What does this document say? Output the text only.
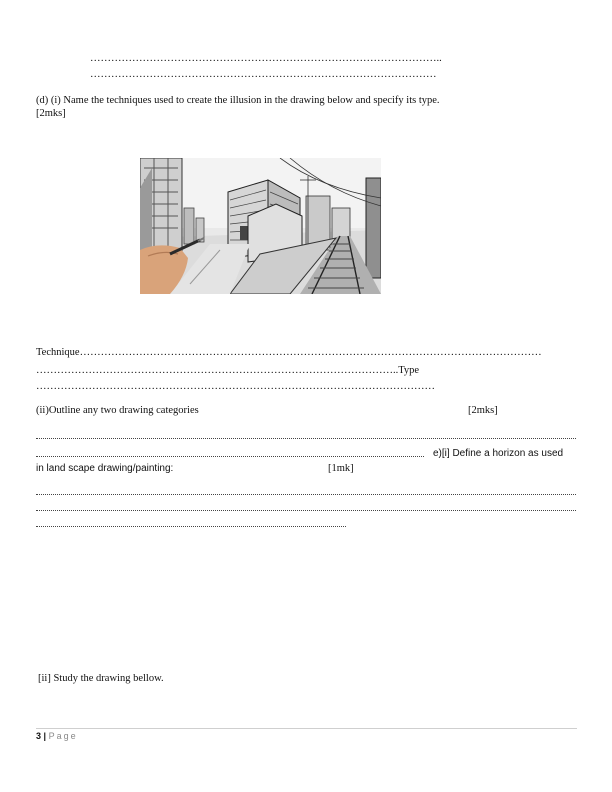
………………………………………………………………………………………..
………………………………………………………………………………………
(d) (i) Name the techniques used to create the illusion in the drawing below and specify its type.
[2mks]
Technique……………………………………………………………………………………………………………………
…………………………………………………………………………………………..Type
……………………………………………………………………………………………………
(ii)Outline any two drawing categories	[2mks]
e)[i] Define a horizon as used
in land scape drawing/painting:	[1mk]
[ii] Study the drawing bellow.
3 | Page
